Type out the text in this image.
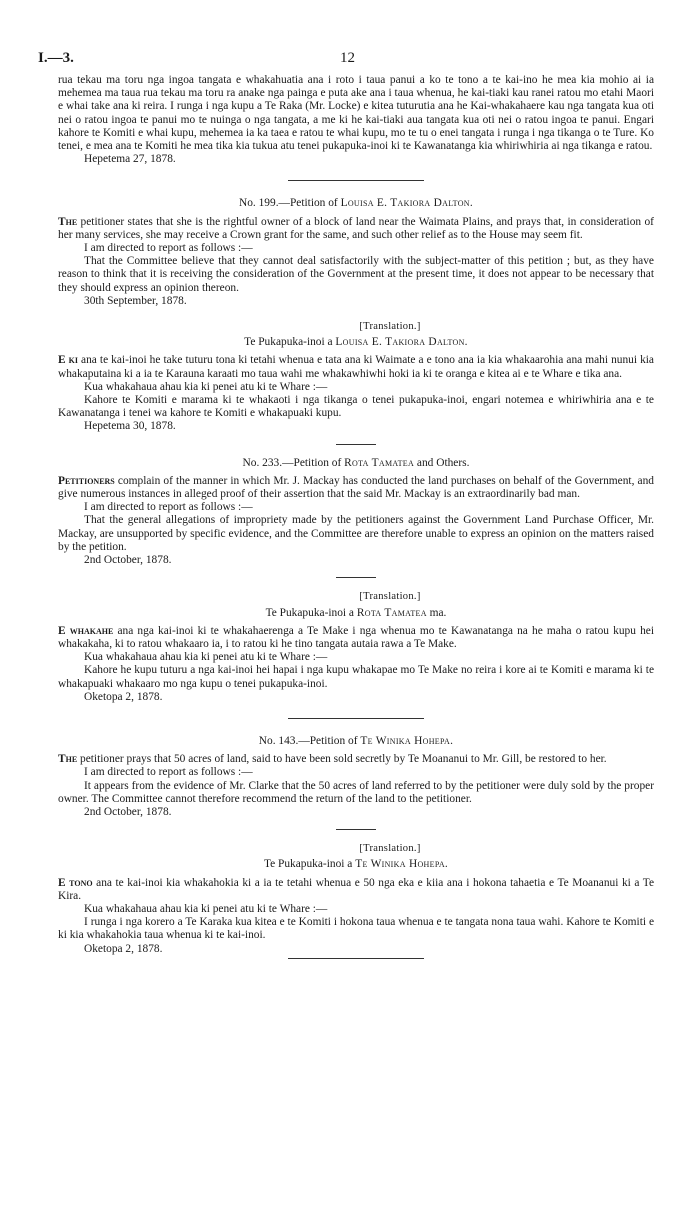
I.—3.	12

rua tekau ma toru nga ingoa tangata e whakahuatia ana i roto i taua panui a ko te tono a te kai-ino he mea kia mohio ai ia mehemea ma taua rua tekau ma toru ra anake nga painga e puta ake ana i taua whenua, he kai-tiaki kau ranei ratou mo etahi Maori e whai take ana ki reira. I runga i nga kupu a Te Raka (Mr. Locke) e kitea tuturutia ana he Kai-whakahaere kau nga tangata kua oti nei o ratou ingoa te panui mo te nuinga o nga tangata, a me ki he kai-tiaki aua tangata kua oti nei o ratou ingoa te panui. Engari kahore te Komiti e whai kupu, mehemea ia ka taea e ratou te whai kupu, mo te tu o enei tangata i runga i nga tikanga o te Ture. Ko tenei, e mea ana te Komiti he mea tika kia tukua atu tenei pukapuka-inoi ki te Kawanatanga kia whiriwhiria ai nga tikanga e ratou.

Hepetema 27, 1878.

No. 199.—Petition of Louisa E. Takiora Dalton.

The petitioner states that she is the rightful owner of a block of land near the Waimata Plains, and prays that, in consideration of her many services, she may receive a Crown grant for the same, and such other relief as to the House may seem fit.

I am directed to report as follows :—

That the Committee believe that they cannot deal satisfactorily with the subject-matter of this petition ; but, as they have reason to think that it is receiving the consideration of the Government at the present time, it does not appear to be necessary that they should express an opinion thereon.

30th September, 1878.

[Translation.]

Te Pukapuka-inoi a Louisa E. Takiora Dalton.

E ki ana te kai-inoi he take tuturu tona ki tetahi whenua e tata ana ki Waimate a e tono ana ia kia whakaarohia ana mahi nunui kia whakaputaina ki a ia te Karauna karaati mo taua wahi me whakawhiwhi hoki ia ki te oranga e kitea ai e te Whare e tika ana.

Kua whakahaua ahau kia ki penei atu ki te Whare :—

Kahore te Komiti e marama ki te whakaoti i nga tikanga o tenei pukapuka-inoi, engari notemea e whiriwhiria ana e te Kawanatanga i tenei wa kahore te Komiti e whakapuaki kupu.

Hepetema 30, 1878.

No. 233.—Petition of Rota Tamatea and Others.

Petitioners complain of the manner in which Mr. J. Mackay has conducted the land purchases on behalf of the Government, and give numerous instances in alleged proof of their assertion that the said Mr. Mackay is an extraordinarily bad man.

I am directed to report as follows :—

That the general allegations of impropriety made by the petitioners against the Government Land Purchase Officer, Mr. Mackay, are unsupported by specific evidence, and the Committee are therefore unable to express an opinion on the matters raised by the petition.

2nd October, 1878.

[Translation.]

Te Pukapuka-inoi a Rota Tamatea ma.

E whakahe ana nga kai-inoi ki te whakahaerenga a Te Make i nga whenua mo te Kawanatanga na he maha o ratou kupu hei whakakaha, ki to ratou whakaaro ia, i to ratou ki he tino tangata autaia rawa a Te Make.

Kua whakahaua ahau kia ki penei atu ki te Whare :—

Kahore he kupu tuturu a nga kai-inoi hei hapai i nga kupu whakapae mo Te Make no reira i kore ai te Komiti e marama ki te whakapuaki whakaaro mo nga kupu o tenei pukapuka-inoi.

Oketopa 2, 1878.

No. 143.—Petition of Te Winika Hohepa.

The petitioner prays that 50 acres of land, said to have been sold secretly by Te Moananui to Mr. Gill, be restored to her.

I am directed to report as follows :—

It appears from the evidence of Mr. Clarke that the 50 acres of land referred to by the petitioner were duly sold by the proper owner. The Committee cannot therefore recommend the return of the land to the petitioner.

2nd October, 1878.

[Translation.]

Te Pukapuka-inoi a Te Winika Hohepa.

E tono ana te kai-inoi kia whakahokia ki a ia te tetahi whenua e 50 nga eka e kiia ana i hokona tahaetia e Te Moananui ki a Te Kira.

Kua whakahaua ahau kia ki penei atu ki te Whare :—

I runga i nga korero a Te Karaka kua kitea e te Komiti i hokona taua whenua e te tangata nona taua wahi. Kahore te Komiti e ki kia whakahokia taua whenua ki te kai-inoi.

Oketopa 2, 1878.
